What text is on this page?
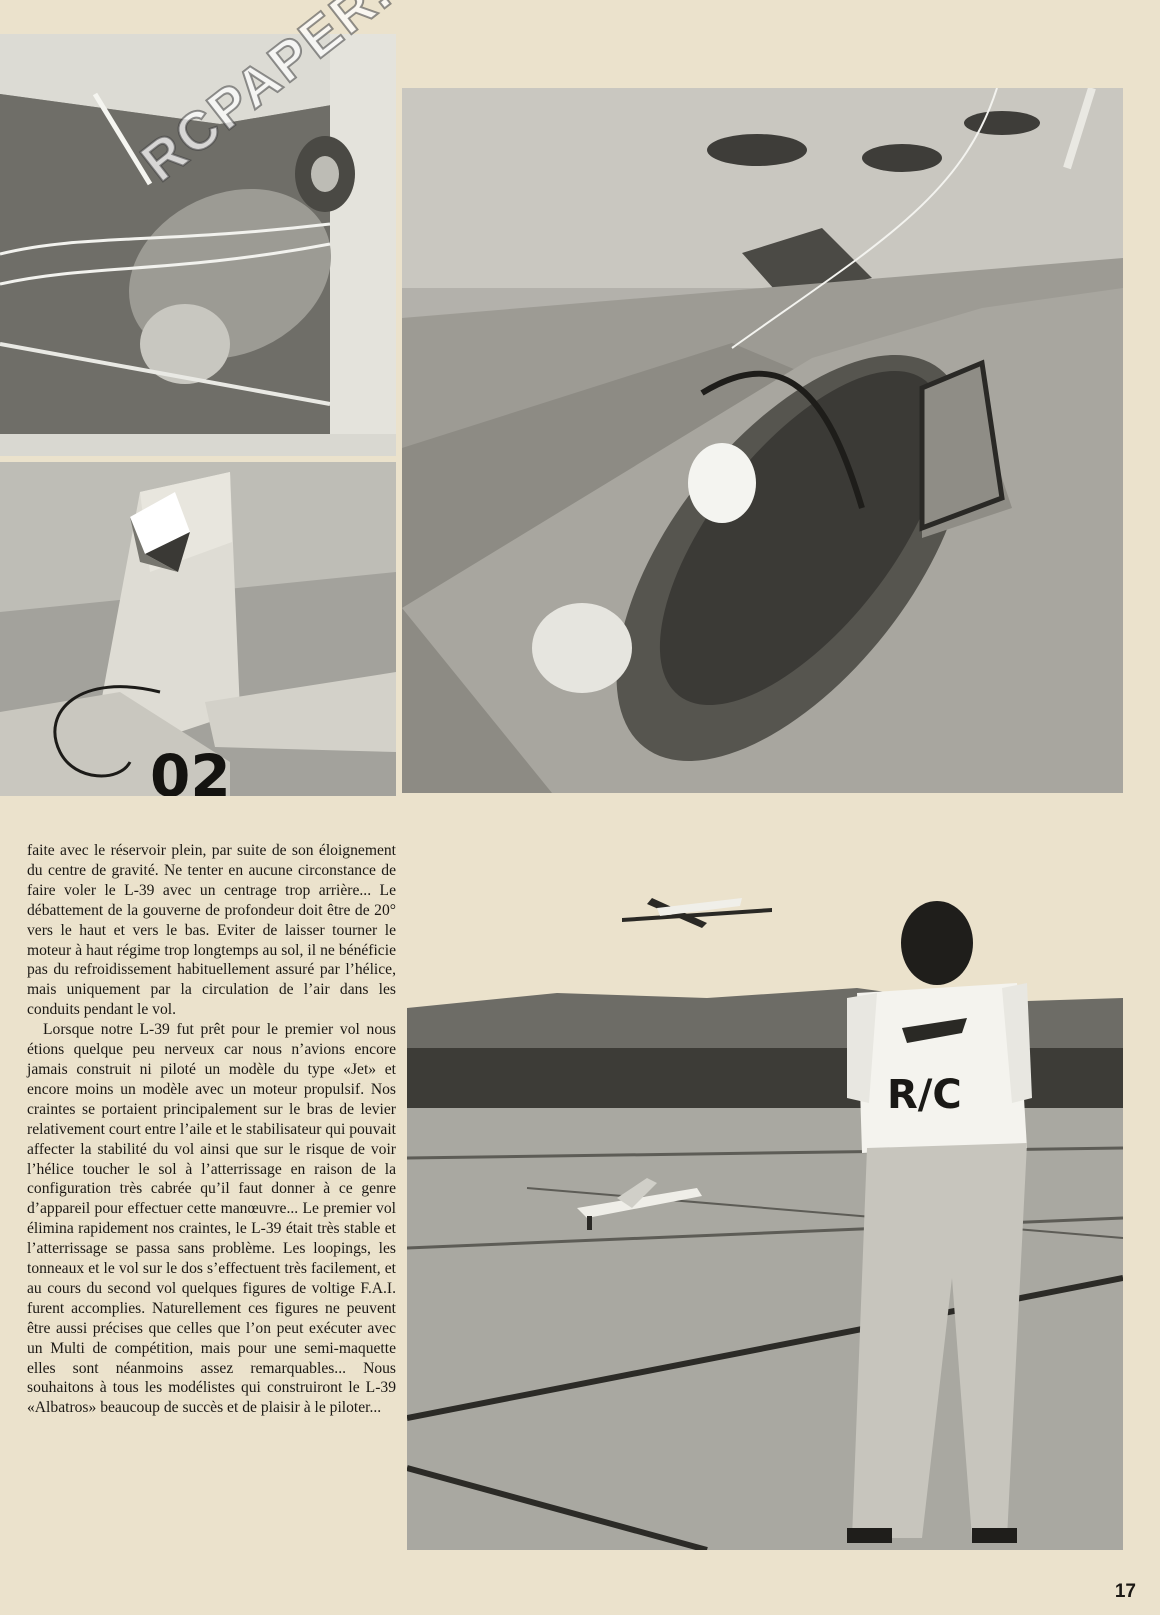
02
R/C

faite avec le réservoir plein, par suite de son éloignement du centre de gravité. Ne tenter en aucune circonstance de faire voler le L-39 avec un centrage trop arrière... Le débattement de la gouverne de profondeur doit être de 20° vers le haut et vers le bas. Eviter de laisser tourner le moteur à haut régime trop longtemps au sol, il ne bénéficie pas du refroidissement habituellement assuré par l’hélice, mais uniquement par la circulation de l’air dans les conduits pendant le vol.

Lorsque notre L-39 fut prêt pour le premier vol nous étions quelque peu nerveux car nous n’avions encore jamais construit ni piloté un modèle du type «Jet» et encore moins un modèle avec un moteur propulsif. Nos craintes se portaient principalement sur le bras de levier relativement court entre l’aile et le stabilisateur qui pouvait affecter la stabilité du vol ainsi que sur le risque de voir l’hélice toucher le sol à l’atterrissage en raison de la configuration très cabrée qu’il faut donner à ce genre d’appareil pour effectuer cette manœuvre... Le premier vol élimina rapidement nos craintes, le L-39 était très stable et l’atterrissage se passa sans problème. Les loopings, les tonneaux et le vol sur le dos s’effectuent très facilement, et au cours du second vol quelques figures de voltige F.A.I. furent accomplies. Naturellement ces figures ne peuvent être aussi précises que celles que l’on peut exécuter avec un Multi de compétition, mais pour une semi-maquette elles sont néanmoins assez remarquables... Nous souhaitons à tous les modélistes qui construiront le L-39 «Albatros» beaucoup de succès et de plaisir à le piloter...

17
